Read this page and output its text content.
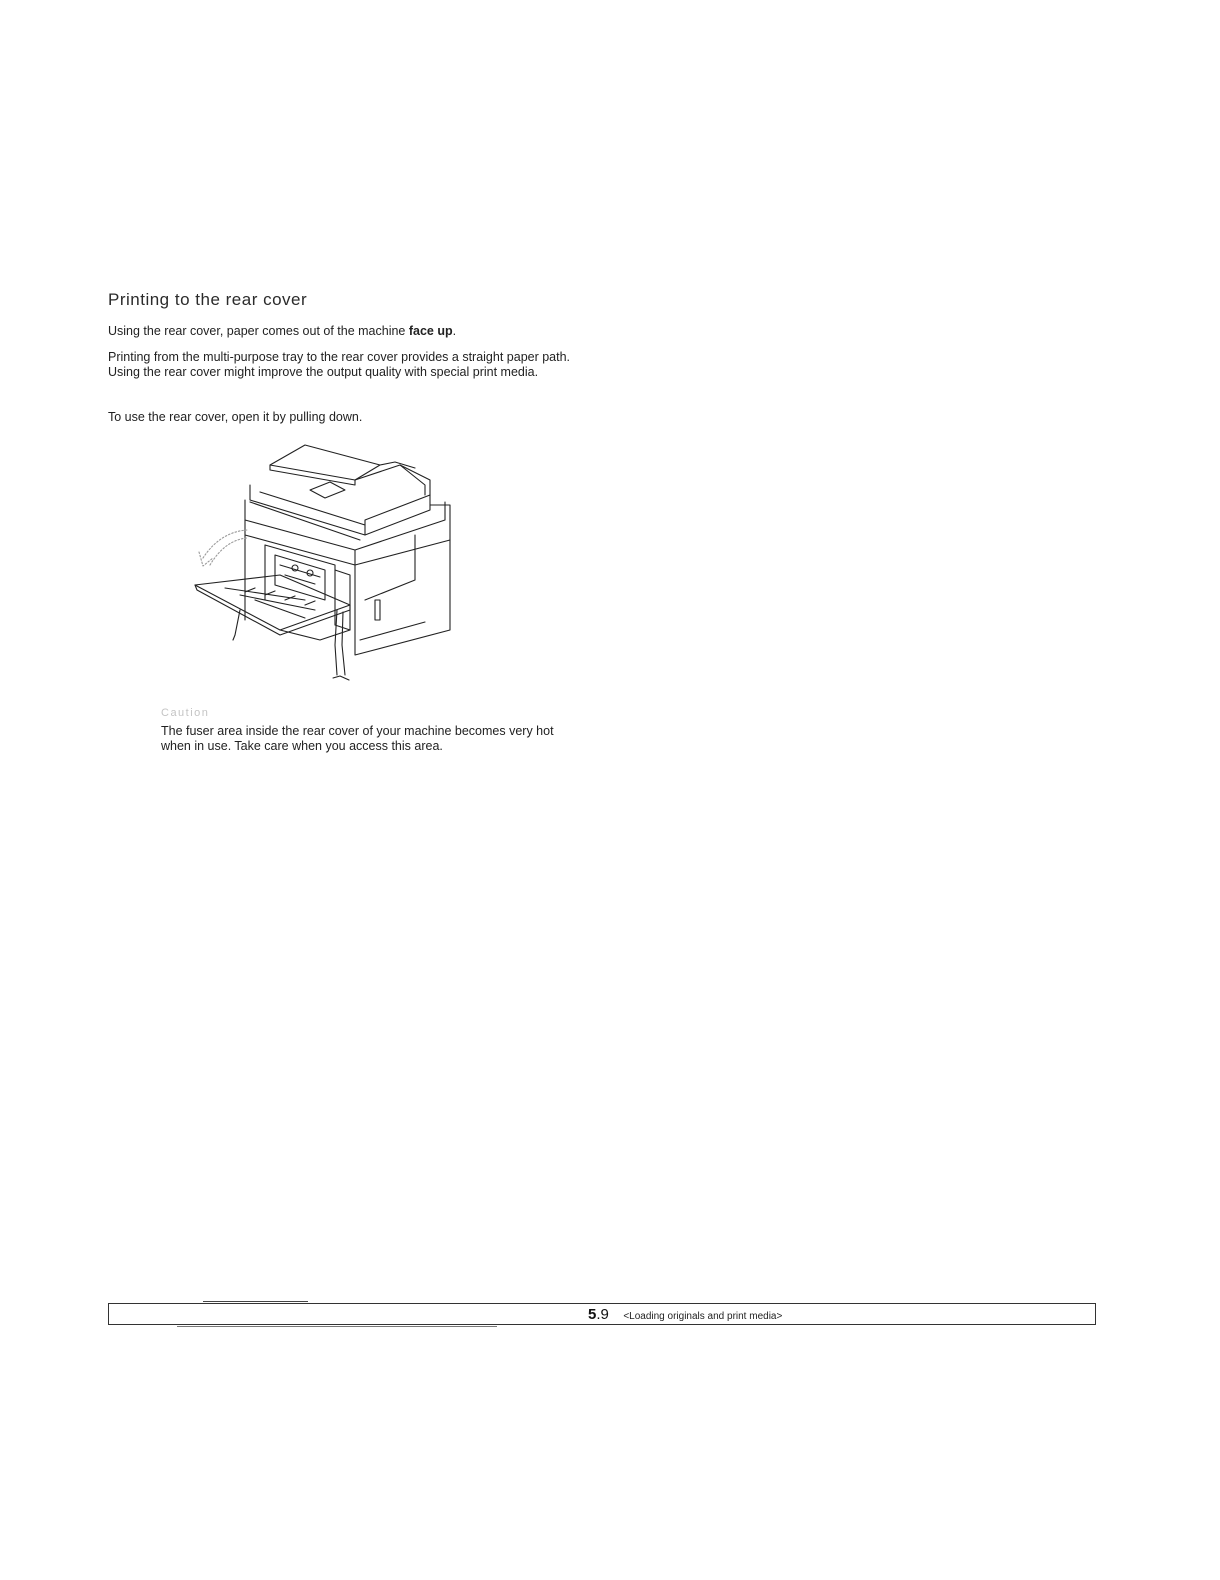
Printing to the rear cover

Using the rear cover, paper comes out of the machine face up.

Printing from the multi-purpose tray to the rear cover provides a straight paper path. Using the rear cover might improve the output quality with special print media.

To use the rear cover, open it by pulling down.

Caution

The fuser area inside the rear cover of your machine becomes very hot when in use. Take care when you access this area.

5.9 <Loading originals and print media>
